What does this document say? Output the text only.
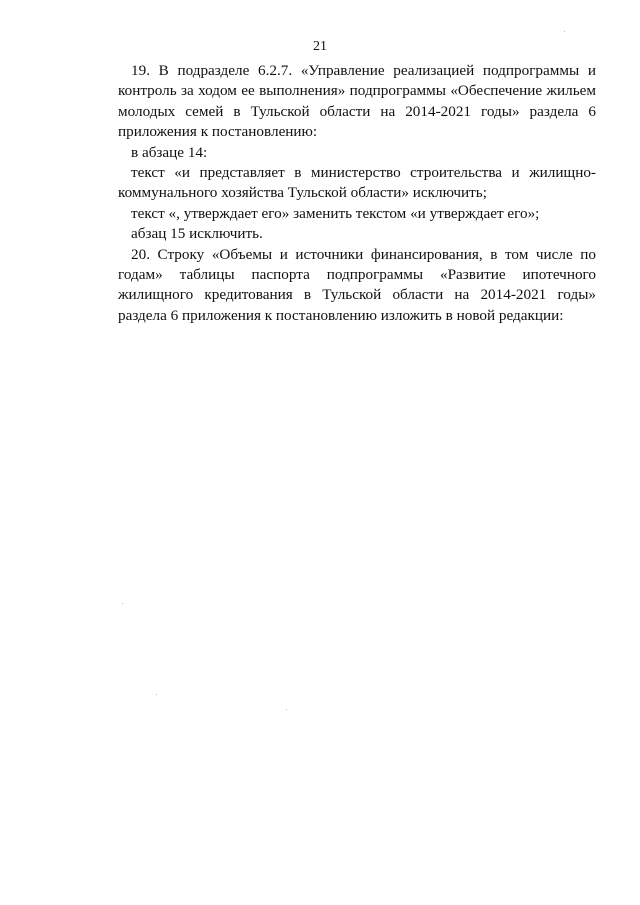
21

19. В подразделе 6.2.7. «Управление реализацией подпрограммы и контроль за ходом ее выполнения» подпрограммы «Обеспечение жильем молодых семей в Тульской области на 2014-2021 годы» раздела 6 приложения к постановлению:

в абзаце 14:

текст «и представляет в министерство строительства и жилищно-коммунального хозяйства Тульской области» исключить;

текст «, утверждает его» заменить текстом «и утверждает его»;

абзац 15 исключить.

20. Строку «Объемы и источники финансирования, в том числе по годам» таблицы паспорта подпрограммы «Развитие ипотечного жилищного кредитования в Тульской области на 2014-2021 годы» раздела 6 приложения к постановлению изложить в новой редакции:
